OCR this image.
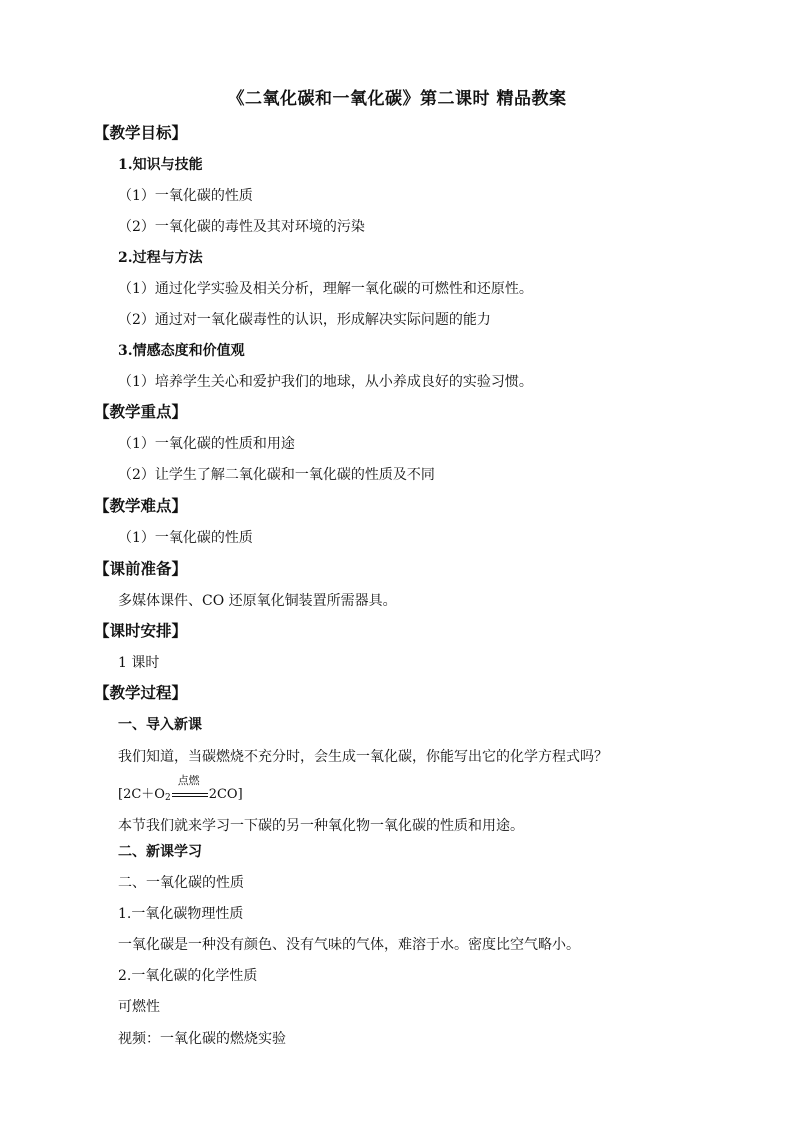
《二氧化碳和一氧化碳》第二课时 精品教案
【教学目标】
1.知识与技能
（1）一氧化碳的性质
（2）一氧化碳的毒性及其对环境的污染
2.过程与方法
（1）通过化学实验及相关分析，理解一氧化碳的可燃性和还原性。
（2）通过对一氧化碳毒性的认识，形成解决实际问题的能力
3.情感态度和价值观
（1）培养学生关心和爱护我们的地球，从小养成良好的实验习惯。
【教学重点】
（1）一氧化碳的性质和用途
（2）让学生了解二氧化碳和一氧化碳的性质及不同
【教学难点】
（1）一氧化碳的性质
【课前准备】
多媒体课件、CO 还原氧化铜装置所需器具。
【课时安排】
1 课时
【教学过程】
一、导入新课
我们知道，当碳燃烧不充分时，会生成一氧化碳，你能写出它的化学方程式吗？
[$2C+O_2$
点燃
2CO]
本节我们就来学习一下碳的另一种氧化物一氧化碳的性质和用途。
二、新课学习
二、一氧化碳的性质
1.一氧化碳物理性质
一氧化碳是一种没有颜色、没有气味的气体，难溶于水。密度比空气略小。
2.一氧化碳的化学性质
可燃性
视频：一氧化碳的燃烧实验
